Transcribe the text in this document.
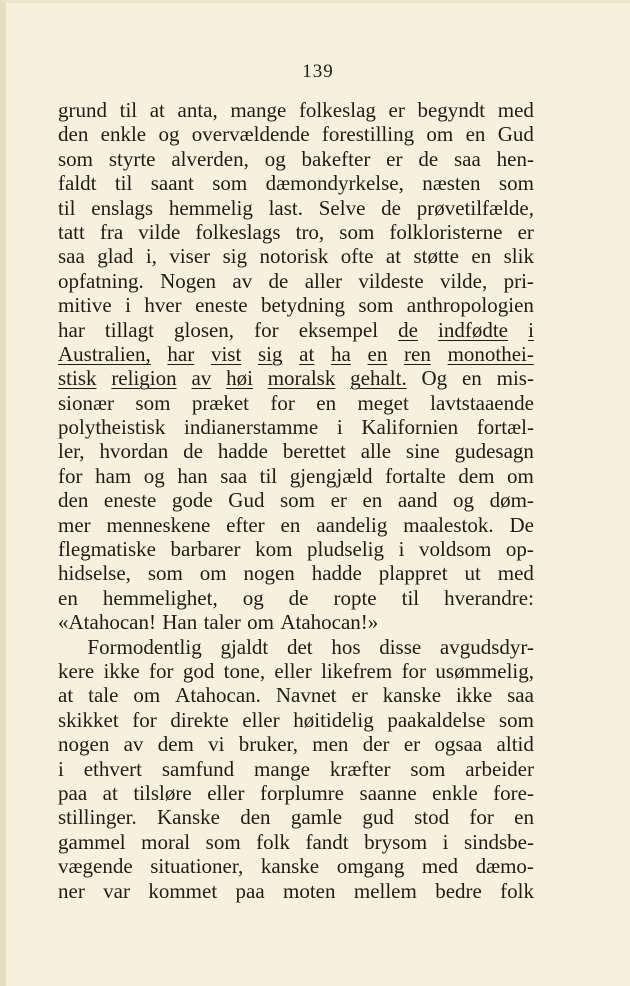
139
grund til at anta, mange folkeslag er begyndt med
den enkle og overvældende forestilling om en Gud
som styrte alverden, og bakefter er de saa hen-
faldt til saant som dæmondyrkelse, næsten som
til enslags hemmelig last. Selve de prøvetilfælde,
tatt fra vilde folkeslags tro, som folkloristerne er
saa glad i, viser sig notorisk ofte at støtte en slik
opfatning. Nogen av de aller vildeste vilde, pri-
mitive i hver eneste betydning som anthropologien
har tillagt glosen, for eksempel de indfødte i
Australien, har vist sig at ha en ren monothei-
stisk religion av høi moralsk gehalt. Og en mis-
sionær som præket for en meget lavtstaaende
polytheistisk indianerstamme i Kalifornien fortæl-
ler, hvordan de hadde berettet alle sine gudesagn
for ham og han saa til gjengjæld fortalte dem om
den eneste gode Gud som er en aand og døm-
mer menneskene efter en aandelig maalestok. De
flegmatiske barbarer kom pludselig i voldsom op-
hidselse, som om nogen hadde plappret ut med
en hemmelighet, og de ropte til hverandre:
«Atahocan! Han taler om Atahocan!»
Formodentlig gjaldt det hos disse avgudsdyr-
kere ikke for god tone, eller likefrem for usømmelig,
at tale om Atahocan. Navnet er kanske ikke saa
skikket for direkte eller høitidelig paakaldelse som
nogen av dem vi bruker, men der er ogsaa altid
i ethvert samfund mange kræfter som arbeider
paa at tilsløre eller forplumre saanne enkle fore-
stillinger. Kanske den gamle gud stod for en
gammel moral som folk fandt brysom i sindsbe-
vægende situationer, kanske omgang med dæmo-
ner var kommet paa moten mellem bedre folk
